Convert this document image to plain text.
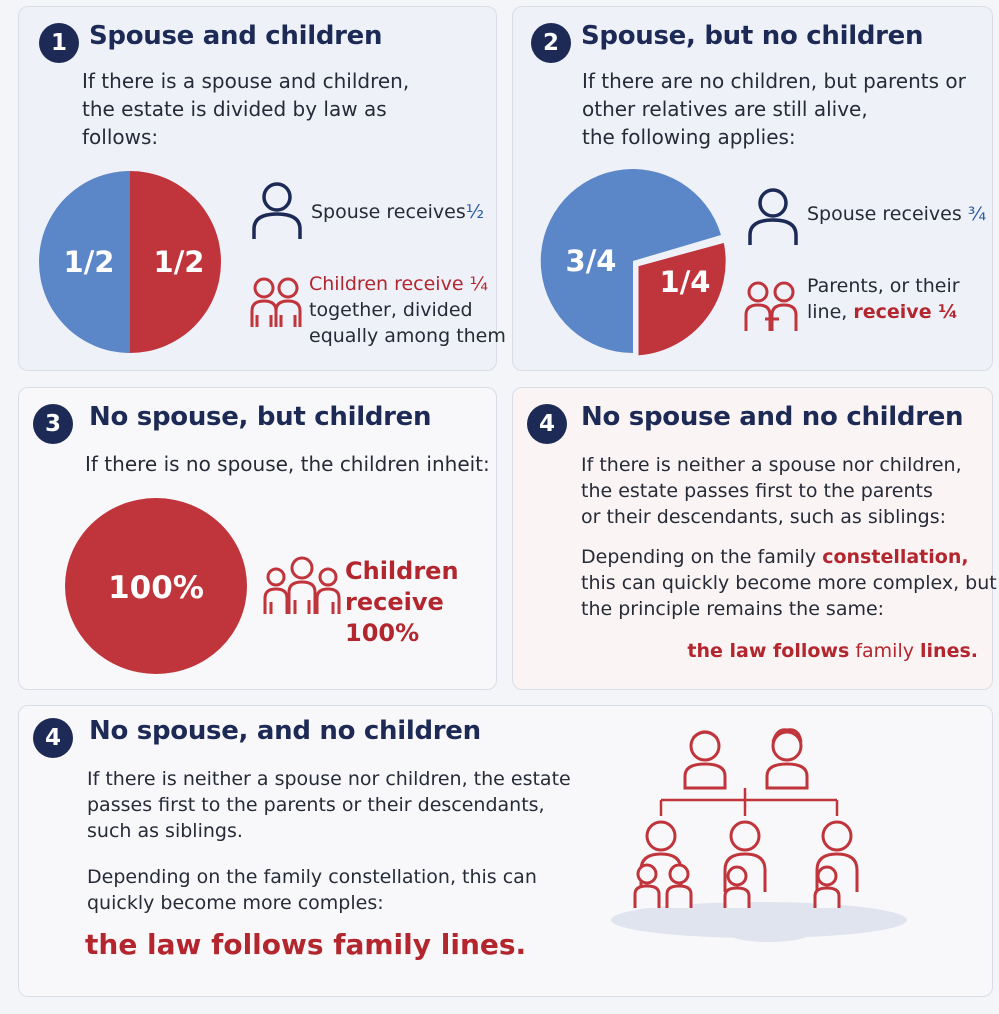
1 Spouse and children
If there is a spouse and children,
the estate is divided by law as
follows:
1/2 1/2
Spouse receives½
Children receive ¼
together, divided
equally among them
2 Spouse, but no children
If there are no children, but parents or
other relatives are still alive,
the following applies:
3/4
1/4
Spouse receives ¾
Parents, or their
line, receive ¼
3	No spouse, but children
If there is no spouse, the children inheit:
100%	Children
receive
100%
4	No spouse and no children
If there is neither a spouse nor children,
the estate passes first to the parents
or their descendants, such as siblings:
Depending on the family constellation,
this can quickly become more complex, but
the principle remains the same:
the law follows family lines.
4	No spouse, and no children
If there is neither a spouse nor children, the estate
passes first to the parents or their descendants,
such as siblings.
Depending on the family constellation, this can
quickly become more comples:
the law follows family lines.
